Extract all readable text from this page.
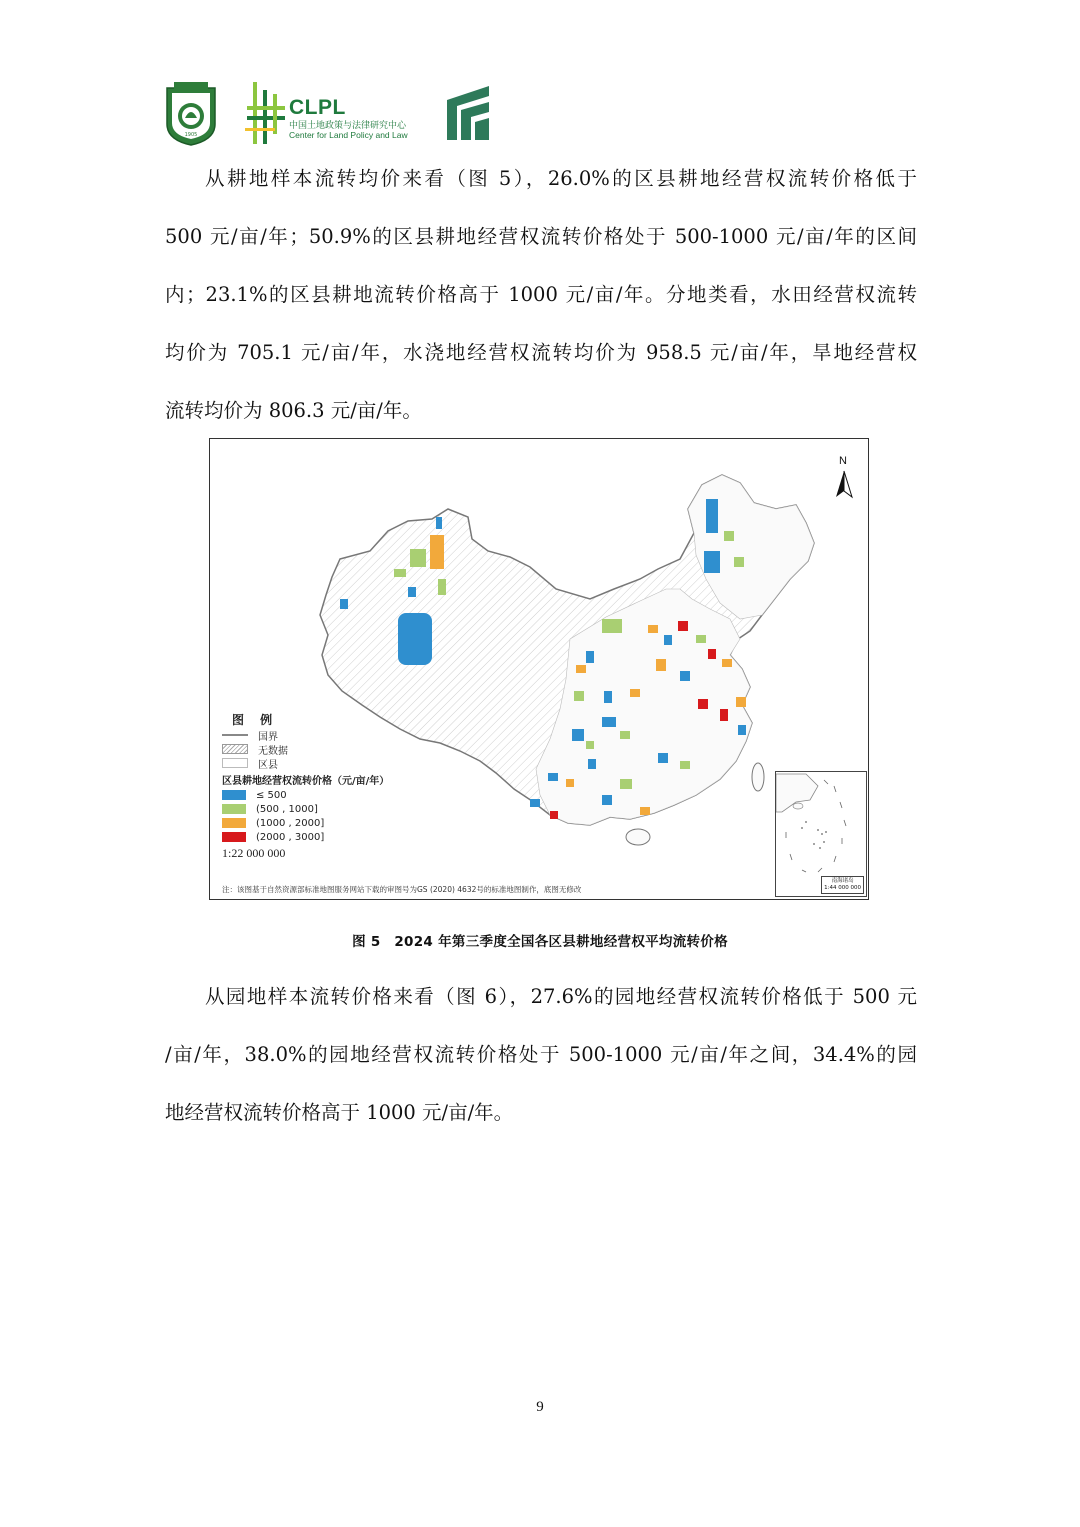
1905
CLPL
中国土地政策与法律研究中心
Center for Land Policy and Law
从耕地样本流转均价来看（图 5），26.0%的区县耕地经营权流转价格低于
500 元/亩/年；50.9%的区县耕地经营权流转价格处于 500-1000 元/亩/年的区间
内；23.1%的区县耕地流转价格高于 1000 元/亩/年。分地类看，水田经营权流转
均价为 705.1 元/亩/年，水浇地经营权流转均价为 958.5 元/亩/年，旱地经营权
流转均价为 806.3 元/亩/年。
N
图 例
国界
无数据
区县
区县耕地经营权流转价格（元/亩/年）
≤ 500
(500 , 1000]
(1000 , 2000]
(2000 , 3000]
1:22 000 000
注：该图基于自然资源部标准地图服务网站下载的审图号为GS (2020) 4632号的标准地图制作，底图无修改
南海诸岛
1:44 000 000
图 5　2024 年第三季度全国各区县耕地经营权平均流转价格
从园地样本流转价格来看（图 6），27.6%的园地经营权流转价格低于 500 元
/亩/年，38.0%的园地经营权流转价格处于 500-1000 元/亩/年之间，34.4%的园
地经营权流转价格高于 1000 元/亩/年。
9
